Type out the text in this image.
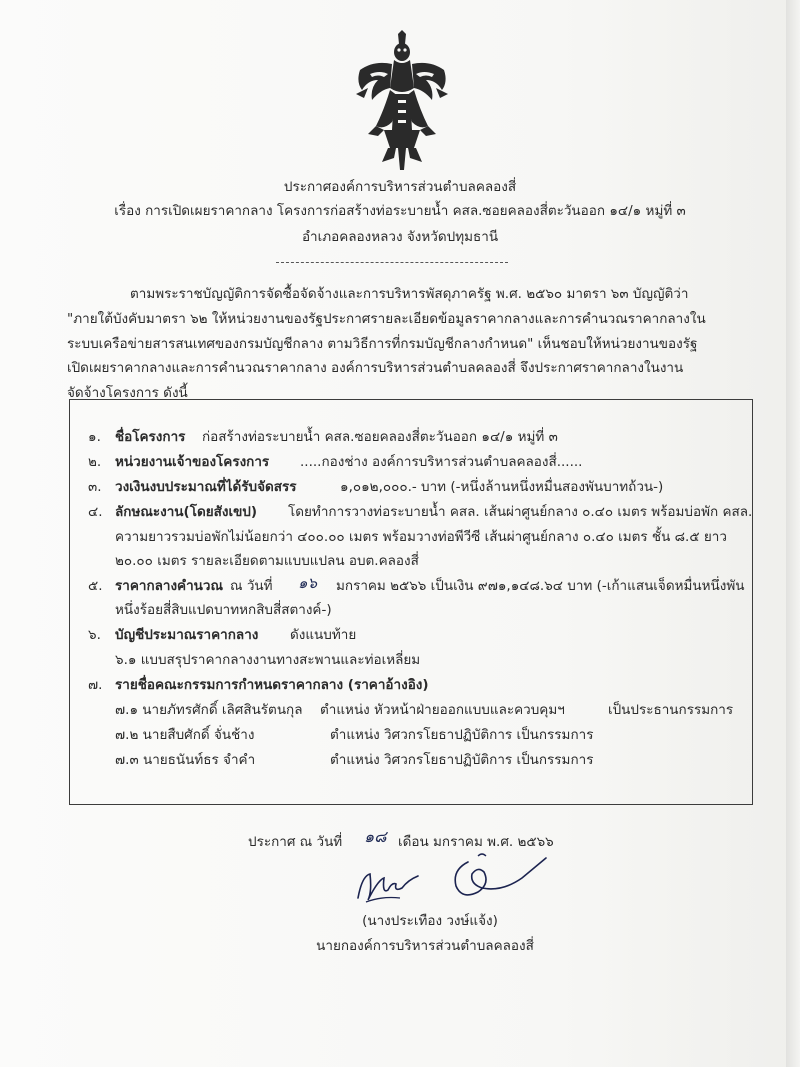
ประกาศองค์การบริหารส่วนตำบลคลองสี่
เรื่อง การเปิดเผยราคากลาง โครงการก่อสร้างท่อระบายน้ำ คสล.ซอยคลองสี่ตะวันออก ๑๔/๑ หมู่ที่ ๓
อำเภอคลองหลวง จังหวัดปทุมธานี
ตามพระราชบัญญัติการจัดซื้อจัดจ้างและการบริหารพัสดุภาครัฐ พ.ศ. ๒๕๖๐ มาตรา ๖๓ บัญญัติว่า
"ภายใต้บังคับมาตรา ๖๒ ให้หน่วยงานของรัฐประกาศรายละเอียดข้อมูลราคากลางและการคำนวณราคากลางใน
ระบบเครือข่ายสารสนเทศของกรมบัญชีกลาง ตามวิธีการที่กรมบัญชีกลางกำหนด" เห็นชอบให้หน่วยงานของรัฐ
เปิดเผยราคากลางและการคำนวณราคากลาง องค์การบริหารส่วนตำบลคลองสี่ จึงประกาศราคากลางในงาน
จัดจ้างโครงการ ดังนี้
๑. ชื่อโครงการ ก่อสร้างท่อระบายน้ำ คสล.ซอยคลองสี่ตะวันออก ๑๔/๑ หมู่ที่ ๓
๒. หน่วยงานเจ้าของโครงการ .....กองช่าง องค์การบริหารส่วนตำบลคลองสี่......
๓. วงเงินงบประมาณที่ได้รับจัดสรร	๑,๐๑๒,๐๐๐.- บาท (-หนึ่งล้านหนึ่งหมื่นสองพันบาทถ้วน-)
๔. ลักษณะงาน(โดยสังเขป) โดยทำการวางท่อระบายน้ำ คสล. เส้นผ่าศูนย์กลาง ๐.๔๐ เมตร พร้อมบ่อพัก คสล.
ความยาวรวมบ่อพักไม่น้อยกว่า ๔๐๐.๐๐ เมตร พร้อมวางท่อพีวีซี เส้นผ่าศูนย์กลาง ๐.๔๐ เมตร ชั้น ๘.๕ ยาว
๒๐.๐๐ เมตร รายละเอียดตามแบบแปลน อบต.คลองสี่
๕. ราคากลางคำนวณ ณ วันที่ ๑๖ มกราคม ๒๕๖๖ เป็นเงิน ๙๗๑,๑๔๘.๖๔ บาท (-เก้าแสนเจ็ดหมื่นหนึ่งพัน
หนึ่งร้อยสี่สิบแปดบาทหกสิบสี่สตางค์-)
๖. บัญชีประมาณราคากลาง ดังแนบท้าย
๖.๑ แบบสรุปราคากลางงานทางสะพานและท่อเหลี่ยม
๗. รายชื่อคณะกรรมการกำหนดราคากลาง (ราคาอ้างอิง)
๗.๑ นายภัทรศักดิ์ เลิศสินรัตนกุล ตำแหน่ง หัวหน้าฝ่ายออกแบบและควบคุมฯ	เป็นประธานกรรมการ
๗.๒ นายสืบศักดิ์ จั่นช้าง	ตำแหน่ง วิศวกรโยธาปฏิบัติการ เป็นกรรมการ
๗.๓ นายธนันท์ธร จำคำ	ตำแหน่ง วิศวกรโยธาปฏิบัติการ เป็นกรรมการ
ประกาศ ณ วันที่ ๑๘ เดือน มกราคม พ.ศ. ๒๕๖๖
(นางประเทือง วงษ์แจ้ง)
นายกองค์การบริหารส่วนตำบลคลองสี่
